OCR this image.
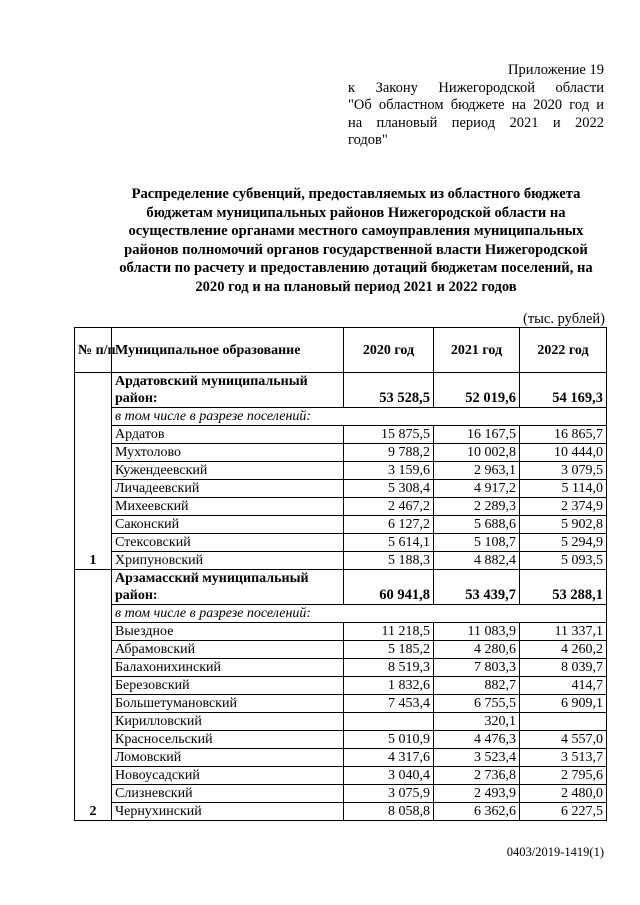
Приложение 19
к Закону Нижегородской области
"Об областном бюджете на 2020 год и
на плановый период 2021 и 2022
годов"
Распределение субвенций, предоставляемых из областного бюджета бюджетам муниципальных районов Нижегородской области на осуществление органами местного самоуправления муниципальных районов полномочий органов государственной власти Нижегородской области по расчету и предоставлению дотаций бюджетам поселений, на 2020 год и на плановый период 2021 и 2022 годов
(тыс. рублей)
№ п/п	Муниципальное образование	2020 год	2021 год	2022 год
1	Ардатовский муниципальный район:	53 528,5	52 019,6	54 169,3
	в том числе в разрезе поселений:			
	Ардатов	15 875,5	16 167,5	16 865,7
	Мухтолово	9 788,2	10 002,8	10 444,0
	Кужендеевский	3 159,6	2 963,1	3 079,5
	Личадеевский	5 308,4	4 917,2	5 114,0
	Михеевский	2 467,2	2 289,3	2 374,9
	Саконский	6 127,2	5 688,6	5 902,8
	Стексовский	5 614,1	5 108,7	5 294,9
	Хрипуновский	5 188,3	4 882,4	5 093,5
2	Арзамасский муниципальный район:	60 941,8	53 439,7	53 288,1
	в том числе в разрезе поселений:			
	Выездное	11 218,5	11 083,9	11 337,1
	Абрамовский	5 185,2	4 280,6	4 260,2
	Балахонихинский	8 519,3	7 803,3	8 039,7
	Березовский	1 832,6	882,7	414,7
	Большетумановский	7 453,4	6 755,5	6 909,1
	Кирилловский		320,1	
	Красносельский	5 010,9	4 476,3	4 557,0
	Ломовский	4 317,6	3 523,4	3 513,7
	Новоусадский	3 040,4	2 736,8	2 795,6
	Слизневский	3 075,9	2 493,9	2 480,0
	Чернухинский	8 058,8	6 362,6	6 227,5
0403/2019-1419(1)
